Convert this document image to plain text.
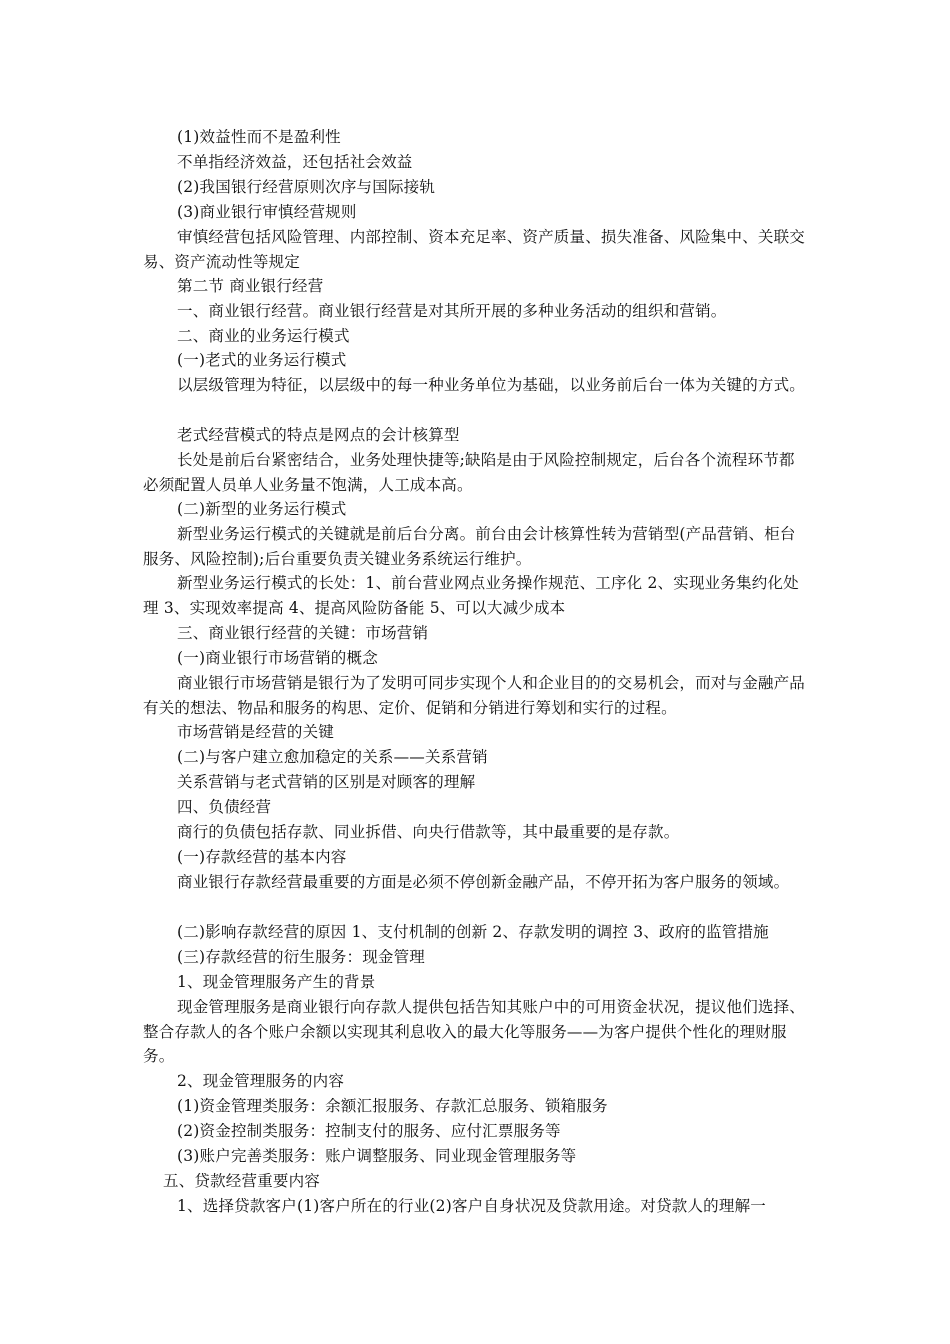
(1)效益性而不是盈利性

不单指经济效益，还包括社会效益

(2)我国银行经营原则次序与国际接轨

(3)商业银行审慎经营规则

审慎经营包括风险管理、内部控制、资本充足率、资产质量、损失准备、风险集中、关联交易、资产流动性等规定

第二节 商业银行经营

一、商业银行经营。商业银行经营是对其所开展的多种业务活动的组织和营销。

二、商业的业务运行模式

(一)老式的业务运行模式

以层级管理为特征，以层级中的每一种业务单位为基础，以业务前后台一体为关键的方式。

老式经营模式的特点是网点的会计核算型

长处是前后台紧密结合，业务处理快捷等;缺陷是由于风险控制规定，后台各个流程环节都必须配置人员单人业务量不饱满，人工成本高。

(二)新型的业务运行模式

新型业务运行模式的关键就是前后台分离。前台由会计核算性转为营销型(产品营销、柜台服务、风险控制);后台重要负责关键业务系统运行维护。

新型业务运行模式的长处：1、前台营业网点业务操作规范、工序化 2、实现业务集约化处理 3、实现效率提高 4、提高风险防备能 5、可以大减少成本

三、商业银行经营的关键：市场营销

(一)商业银行市场营销的概念

商业银行市场营销是银行为了发明可同步实现个人和企业目的的交易机会，而对与金融产品有关的想法、物品和服务的构思、定价、促销和分销进行筹划和实行的过程。

市场营销是经营的关键

(二)与客户建立愈加稳定的关系——关系营销

关系营销与老式营销的区别是对顾客的理解

四、负债经营

商行的负债包括存款、同业拆借、向央行借款等，其中最重要的是存款。

(一)存款经营的基本内容

商业银行存款经营最重要的方面是必须不停创新金融产品，不停开拓为客户服务的领域。

(二)影响存款经营的原因 1、支付机制的创新 2、存款发明的调控 3、政府的监管措施

(三)存款经营的衍生服务：现金管理

1、现金管理服务产生的背景

现金管理服务是商业银行向存款人提供包括告知其账户中的可用资金状况，提议他们选择、整合存款人的各个账户余额以实现其利息收入的最大化等服务——为客户提供个性化的理财服务。

2、现金管理服务的内容

(1)资金管理类服务：余额汇报服务、存款汇总服务、锁箱服务

(2)资金控制类服务：控制支付的服务、应付汇票服务等

(3)账户完善类服务：账户调整服务、同业现金管理服务等

五、贷款经营重要内容

1、选择贷款客户(1)客户所在的行业(2)客户自身状况及贷款用途。对贷款人的理解一
